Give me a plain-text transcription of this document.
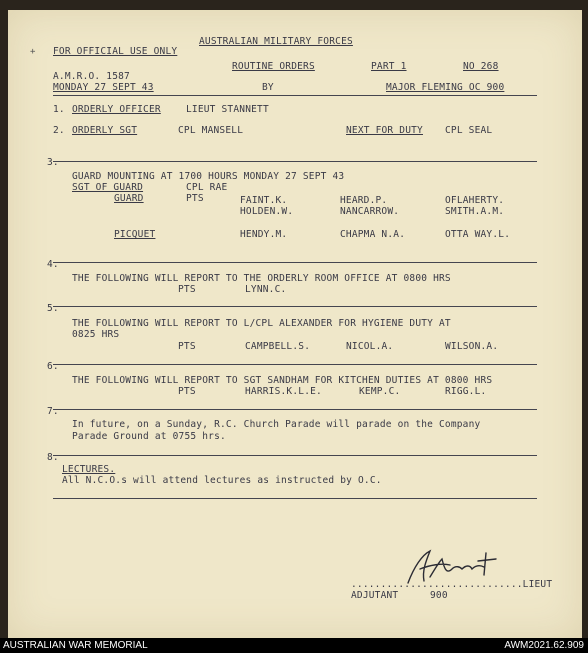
+
AUSTRALIAN MILITARY FORCES
FOR OFFICIAL USE ONLY
ROUTINE ORDERS	PART 1	NO 268
A.M.R.O. 1587
MONDAY 27 SEPT 43	BY	MAJOR FLEMING OC 900
1. ORDERLY OFFICER	LIEUT STANNETT
2. ORDERLY SGT	CPL MANSELL	NEXT FOR DUTY CPL SEAL
3.
GUARD MOUNTING AT 1700 HOURS MONDAY 27 SEPT 43
SGT OF GUARD	CPL RAE
GUARD	PTS	FAINT.K.	HEARD.P.	OFLAHERTY.
HOLDEN.W.	NANCARROW.	SMITH.A.M.
PICQUET	HENDY.M.	CHAPMA N.A.	OTTA WAY.L.
4.
THE FOLLOWING WILL REPORT TO THE ORDERLY ROOM OFFICE AT 0800 HRS
PTS	LYNN.C.
5.
THE FOLLOWING WILL REPORT TO L/CPL ALEXANDER FOR HYGIENE DUTY AT
0825 HRS
PTS	CAMPBELL.S.	NICOL.A.	WILSON.A.
6.
THE FOLLOWING WILL REPORT TO SGT SANDHAM FOR KITCHEN DUTIES AT 0800 HRS
PTS	HARRIS.K.L.E.	KEMP.C.	RIGG.L.
7.
In future, on a Sunday, R.C. Church Parade will parade on the Company
Parade Ground at 0755 hrs.
8.
LECTURES.
All N.C.O.s will attend lectures as instructed by O.C.
.............................LIEUT
ADJUTANT	900
AUSTRALIAN WAR MEMORIAL	AWM2021.62.909
